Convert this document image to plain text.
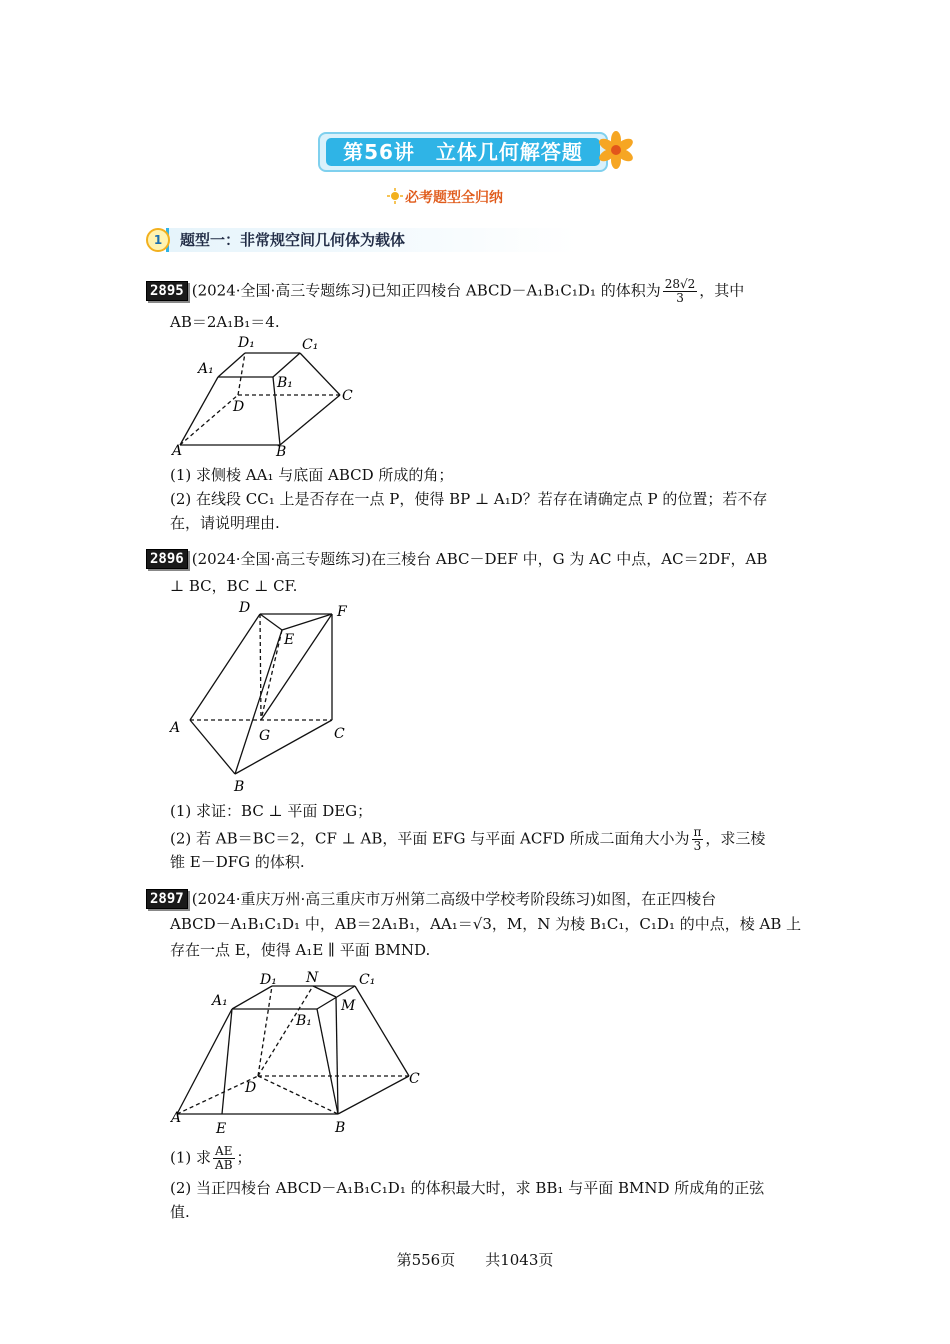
第56讲　立体几何解答题
必考题型全归纳
1	题型一：非常规空间几何体为载体
2895 (2024·全国·高三专题练习)已知正四棱台 ABCD－A₁B₁C₁D₁ 的体积为 $\frac{28√2}{3}$ ，其中
AB＝2A₁B₁＝4.
D₁	C₁
A₁
B₁
D
C
A	B
(1) 求侧棱 AA₁ 与底面 ABCD 所成的角；
(2) 在线段 CC₁ 上是否存在一点 P，使得 BP ⊥ A₁D？若存在请确定点 P 的位置；若不存
在，请说明理由.
2896 (2024·全国·高三专题练习)在三棱台 ABC－DEF 中，G 为 AC 中点，AC＝2DF，AB
⊥ BC，BC ⊥ CF.
D	F
E
A	G	C
B
(1) 求证：BC ⊥ 平面 DEG；
(2) 若 AB＝BC＝2，CF ⊥ AB，平面 EFG 与平面 ACFD 所成二面角大小为 $\frac{\pi}{3}$ ，求三棱
锥 E－DFG 的体积.
2897 (2024·重庆万州·高三重庆市万州第二高级中学校考阶段练习)如图，在正四棱台
ABCD－A₁B₁C₁D₁ 中，AB＝2A₁B₁，AA₁＝√3，M，N 为棱 B₁C₁，C₁D₁ 的中点，棱 AB 上
存在一点 E，使得 A₁E ∥ 平面 BMND.
D₁ N	C₁
A₁	M
B₁
D
C
A
E	B
(1) 求 $\frac{AE}{AB}$ ；
(2) 当正四棱台 ABCD－A₁B₁C₁D₁ 的体积最大时，求 BB₁ 与平面 BMND 所成角的正弦
值.
第556页　　共1043页
